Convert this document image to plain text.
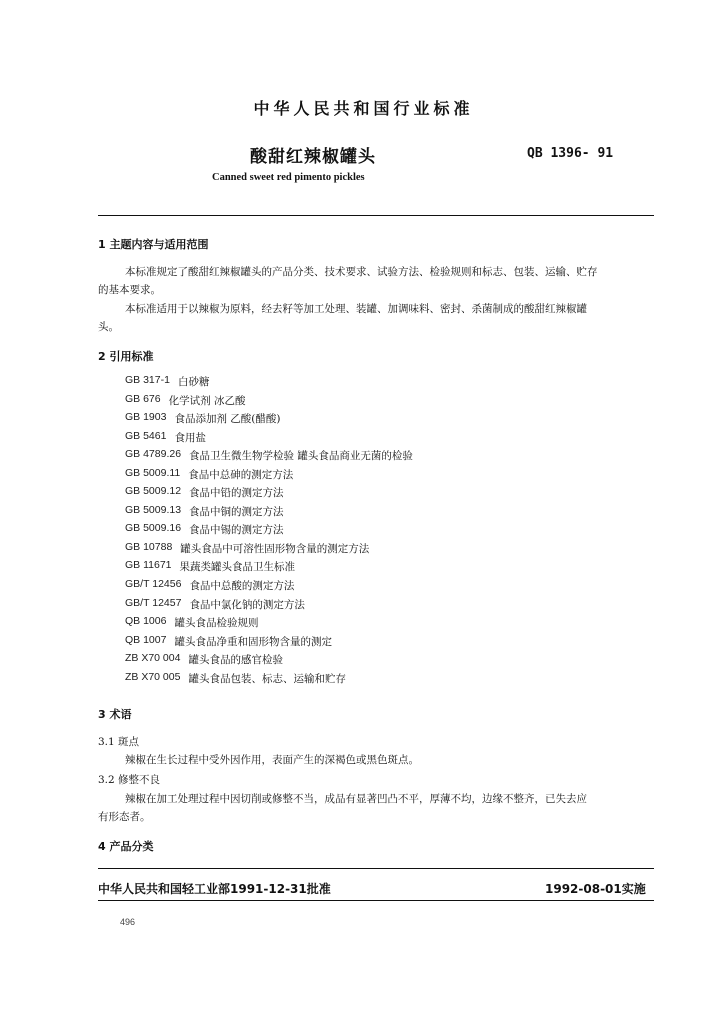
中华人民共和国行业标准
酸甜红辣椒罐头	QB 1396- 91
Canned sweet red pimento pickles
1 主题内容与适用范围
本标准规定了酸甜红辣椒罐头的产品分类、技术要求、试验方法、检验规则和标志、包装、运输、贮存
的基本要求。
本标准适用于以辣椒为原料，经去籽等加工处理、装罐、加调味料、密封、杀菌制成的酸甜红辣椒罐
头。
2 引用标准
GB 317-1 白砂糖
GB 676 化学试剂 冰乙酸
GB 1903 食品添加剂 乙酸(醋酸)
GB 5461 食用盐
GB 4789.26 食品卫生微生物学检验 罐头食品商业无菌的检验
GB 5009.11 食品中总砷的测定方法
GB 5009.12 食品中铅的测定方法
GB 5009.13 食品中铜的测定方法
GB 5009.16 食品中锡的测定方法
GB 10788 罐头食品中可溶性固形物含量的测定方法
GB 11671 果蔬类罐头食品卫生标准
GB/T 12456 食品中总酸的测定方法
GB/T 12457 食品中氯化钠的测定方法
QB 1006 罐头食品检验规则
QB 1007 罐头食品净重和固形物含量的测定
ZB X70 004 罐头食品的感官检验
ZB X70 005 罐头食品包装、标志、运输和贮存
3 术语
3.1 斑点
辣椒在生长过程中受外因作用，表面产生的深褐色或黑色斑点。
3.2 修整不良
辣椒在加工处理过程中因切削或修整不当，成品有显著凹凸不平，厚薄不均，边缘不整齐，已失去应
有形态者。
4 产品分类
中华人民共和国轻工业部1991-12-31批准	1992-08-01实施
496
